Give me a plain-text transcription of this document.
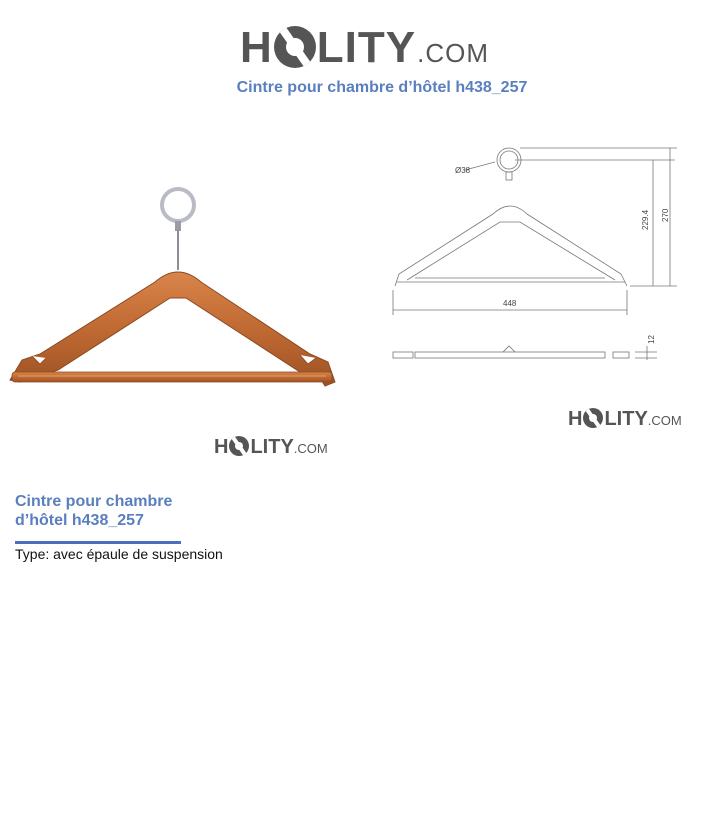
H LITY .COM
Cintre pour chambre d’hôtel h438_257
H LITY .COM
Ø38
448
229.4 270
12
H LITY .COM
Cintre pour chambre d’hôtel h438_257
Type: avec épaule de suspension
